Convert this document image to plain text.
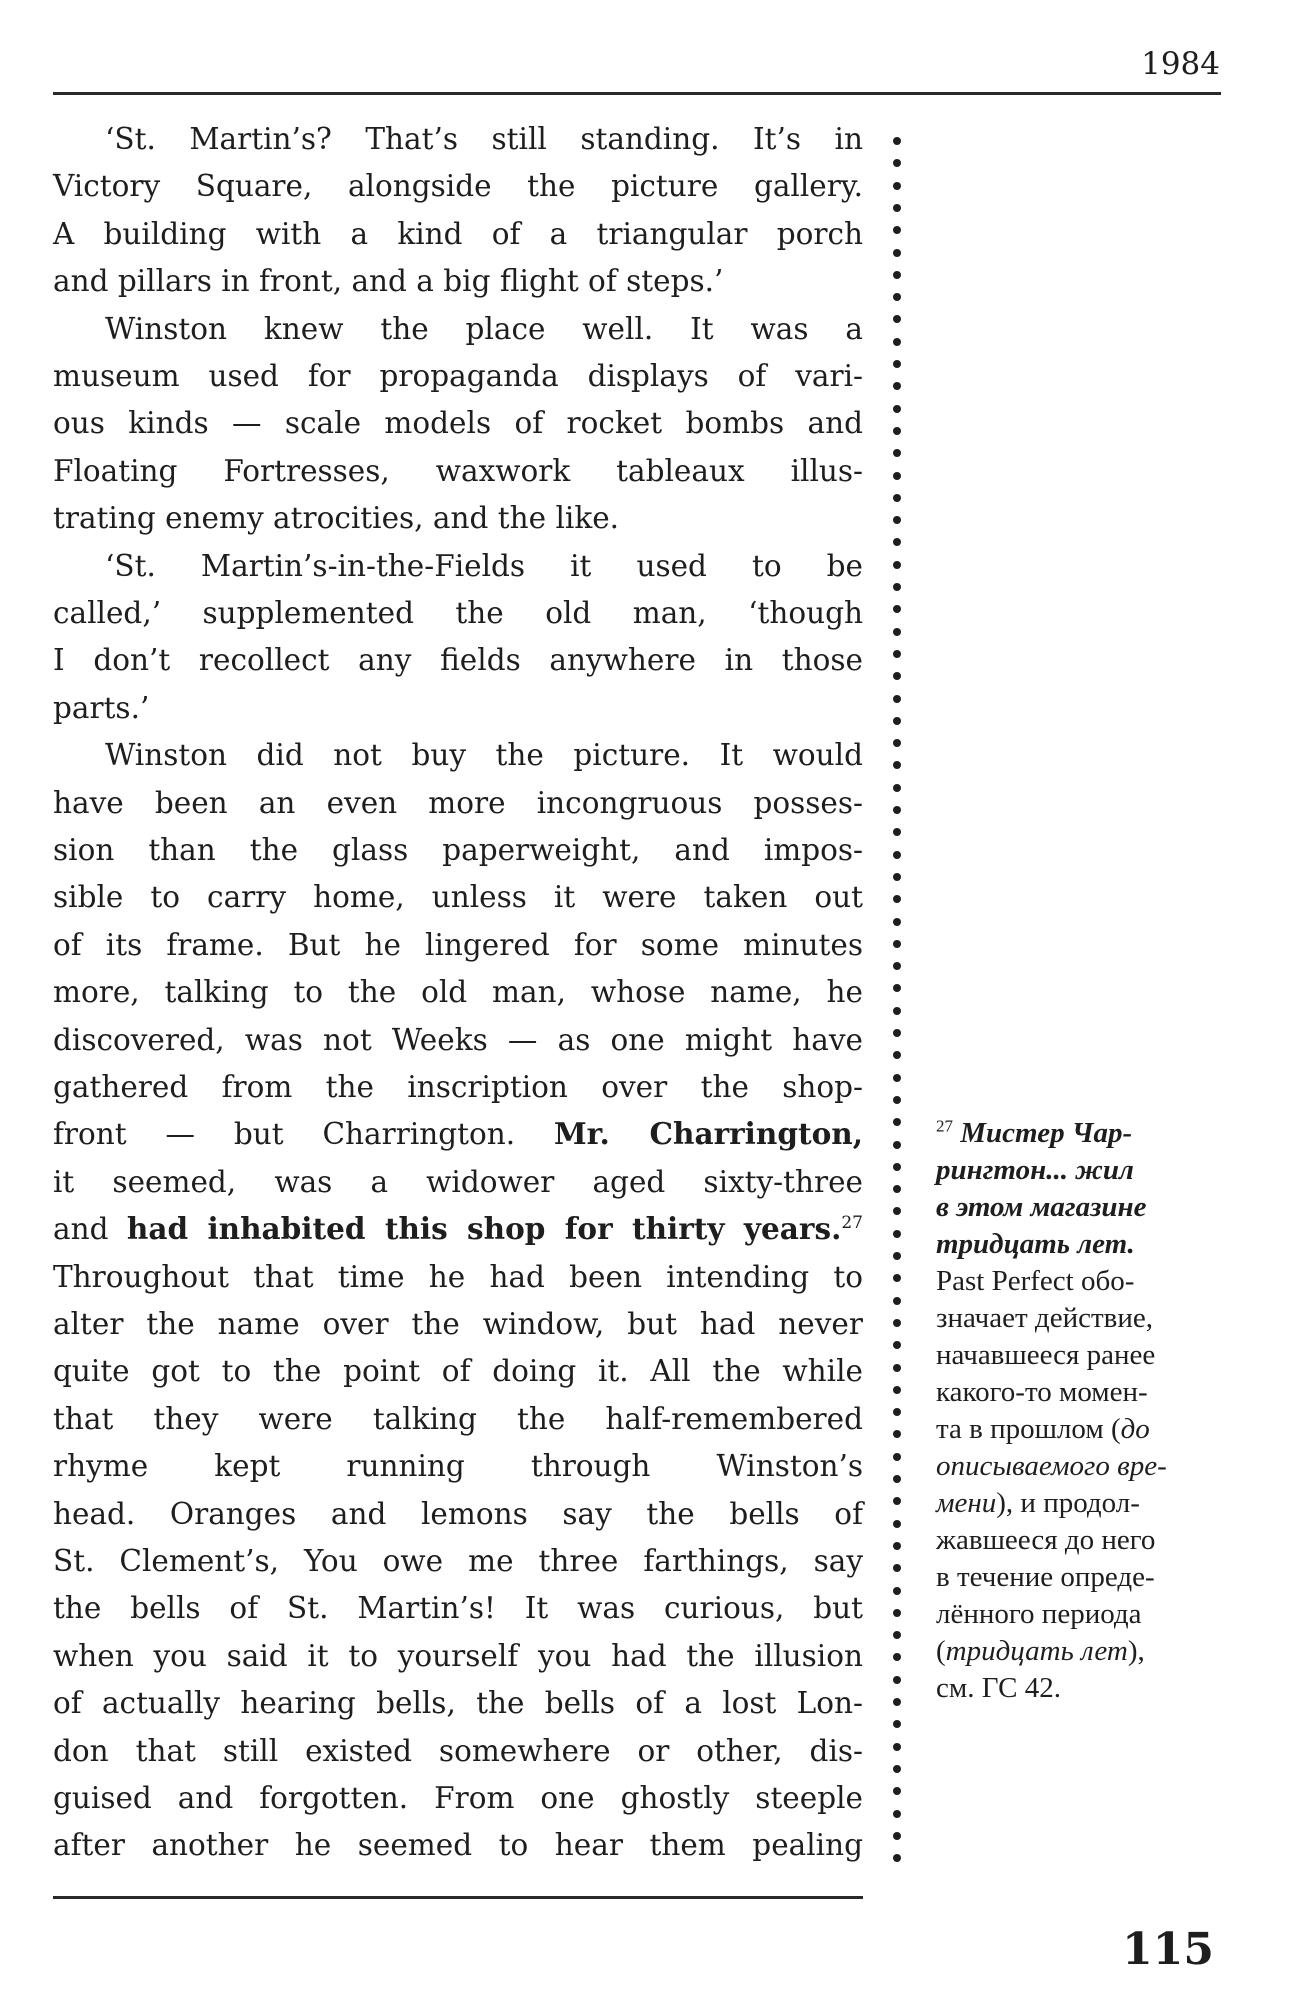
1984
‘St. Martin’s? That’s still standing. It’s in
Victory Square, alongside the picture gallery.
A building with a kind of a triangular porch
and pillars in front, and a big flight of steps.’
Winston knew the place well. It was a
museum used for propaganda displays of vari-
ous kinds — scale models of rocket bombs and
Floating Fortresses, waxwork tableaux illus-
trating enemy atrocities, and the like.
‘St. Martin’s-in-the-Fields it used to be
called,’ supplemented the old man, ‘though
I don’t recollect any fields anywhere in those
parts.’
Winston did not buy the picture. It would
have been an even more incongruous posses-
sion than the glass paperweight, and impos-
sible to carry home, unless it were taken out
of its frame. But he lingered for some minutes
more, talking to the old man, whose name, he
discovered, was not Weeks — as one might have
gathered from the inscription over the shop-
front — but Charrington. Mr. Charrington,
it seemed, was a widower aged sixty-three
and had inhabited this shop for thirty years.$^{27}$
Throughout that time he had been intending to
alter the name over the window, but had never
quite got to the point of doing it. All the while
that they were talking the half-remembered
rhyme kept running through Winston’s
head. Oranges and lemons say the bells of
St. Clement’s, You owe me three farthings, say
the bells of St. Martin’s! It was curious, but
when you said it to yourself you had the illusion
of actually hearing bells, the bells of a lost Lon-
don that still existed somewhere or other, dis-
guised and forgotten. From one ghostly steeple
after another he seemed to hear them pealing
$^{27}$ Мистер Чар-
рингтон... жил
в этом магазине
тридцать лет.
Past Perfect обо-
значает действие,
начавшееся ранее
какого-то момен-
та в прошлом (до
описываемого вре-
мени), и продол-
жавшееся до него
в течение опреде-
лённого периода
(тридцать лет),
см. ГС 42.
115
